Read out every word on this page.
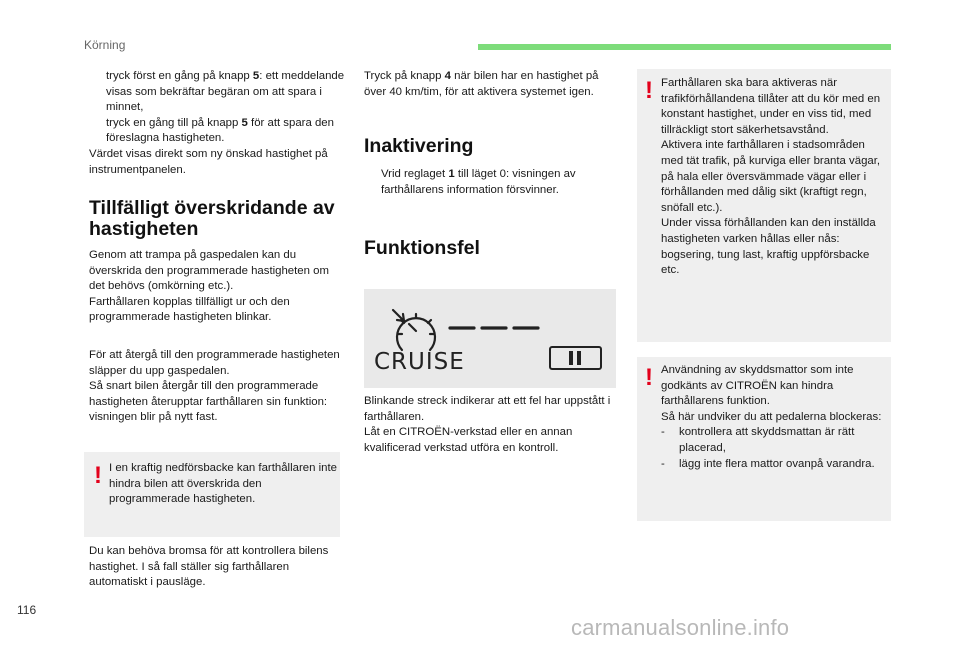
Körning
116
carmanualsonline.info
tryck först en gång på knapp 5: ett meddelande visas som bekräftar begäran om att spara i minnet,
tryck en gång till på knapp 5 för att spara den föreslagna hastigheten.

Värdet visas direkt som ny önskad hastighet på instrumentpanelen.

Tillfälligt överskridande av hastigheten

Genom att trampa på gaspedalen kan du överskrida den programmerade hastigheten om det behövs (omkörning etc.).

Farthållaren kopplas tillfälligt ur och den programmerade hastigheten blinkar.

För att återgå till den programmerade hastigheten släpper du upp gaspedalen.

Så snart bilen återgår till den programmerade hastigheten återupptar farthållaren sin funktion: visningen blir på nytt fast.

! I en kraftig nedförsbacke kan farthållaren inte hindra bilen att överskrida den programmerade hastigheten.

Du kan behöva bromsa för att kontrollera bilens hastighet. I så fall ställer sig farthållaren automatiskt i pausläge.

Tryck på knapp 4 när bilen har en hastighet på över 40 km/tim, för att aktivera systemet igen.

Inaktivering
Vrid reglaget 1 till läget 0: visningen av farthållarens information försvinner.
Funktionsfel
CRUISE

Blinkande streck indikerar att ett fel har uppstått i farthållaren.

Låt en CITROËN-verkstad eller en annan kvalificerad verkstad utföra en kontroll.

! Farthållaren ska bara aktiveras när trafikförhållandena tillåter att du kör med en konstant hastighet, under en viss tid, med tillräckligt stort säkerhetsavstånd.
Aktivera inte farthållaren i stadsområden med tät trafik, på kurviga eller branta vägar, på hala eller översvämmade vägar eller i förhållanden med dålig sikt (kraftigt regn, snöfall etc.).
Under vissa förhållanden kan den inställda hastigheten varken hållas eller nås: bogsering, tung last, kraftig uppförsbacke etc.
! Användning av skyddsmattor som inte godkänts av CITROËN kan hindra farthållarens funktion.
Så här undviker du att pedalerna blockeras:
-	kontrollera att skyddsmattan är rätt placerad,
-	lägg inte flera mattor ovanpå varandra.
